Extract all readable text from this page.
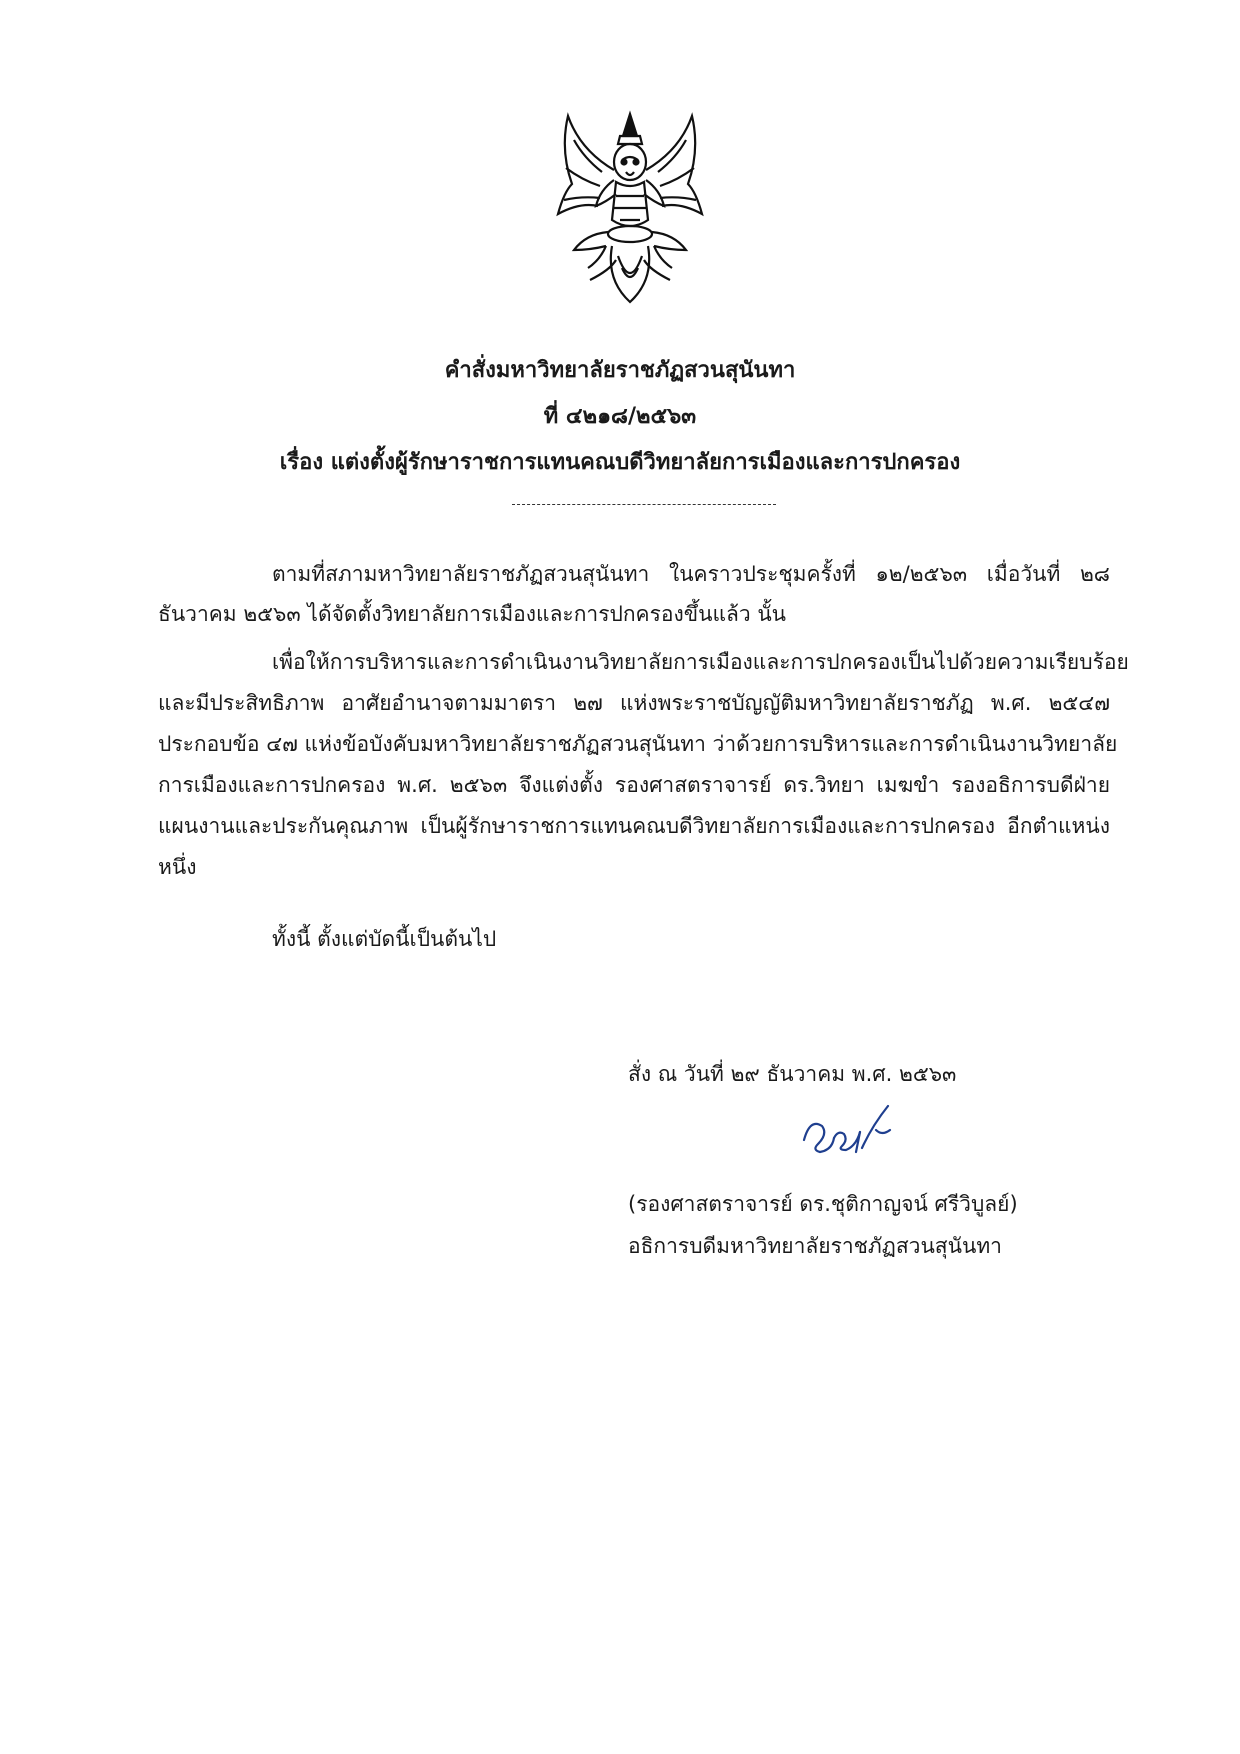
คำสั่งมหาวิทยาลัยราชภัฏสวนสุนันทา
ที่ ๔๒๑๘/๒๕๖๓
เรื่อง แต่งตั้งผู้รักษาราชการแทนคณบดีวิทยาลัยการเมืองและการปกครอง
ตามที่สภามหาวิทยาลัยราชภัฏสวนสุนันทา ในคราวประชุมครั้งที่ ๑๒/๒๕๖๓ เมื่อวันที่ ๒๘
ธันวาคม ๒๕๖๓ ได้จัดตั้งวิทยาลัยการเมืองและการปกครองขึ้นแล้ว นั้น
เพื่อให้การบริหารและการดำเนินงานวิทยาลัยการเมืองและการปกครองเป็นไปด้วยความเรียบร้อย
และมีประสิทธิภาพ อาศัยอำนาจตามมาตรา ๒๗ แห่งพระราชบัญญัติมหาวิทยาลัยราชภัฏ พ.ศ. ๒๕๔๗
ประกอบข้อ ๔๗ แห่งข้อบังคับมหาวิทยาลัยราชภัฏสวนสุนันทา ว่าด้วยการบริหารและการดำเนินงานวิทยาลัย
การเมืองและการปกครอง พ.ศ. ๒๕๖๓ จึงแต่งตั้ง รองศาสตราจารย์ ดร.วิทยา เมฆขำ รองอธิการบดีฝ่าย
แผนงานและประกันคุณภาพ เป็นผู้รักษาราชการแทนคณบดีวิทยาลัยการเมืองและการปกครอง อีกตำแหน่ง
หนึ่ง
ทั้งนี้ ตั้งแต่บัดนี้เป็นต้นไป
สั่ง ณ วันที่ ๒๙ ธันวาคม พ.ศ. ๒๕๖๓
(รองศาสตราจารย์ ดร.ชุติกาญจน์ ศรีวิบูลย์)
อธิการบดีมหาวิทยาลัยราชภัฏสวนสุนันทา
